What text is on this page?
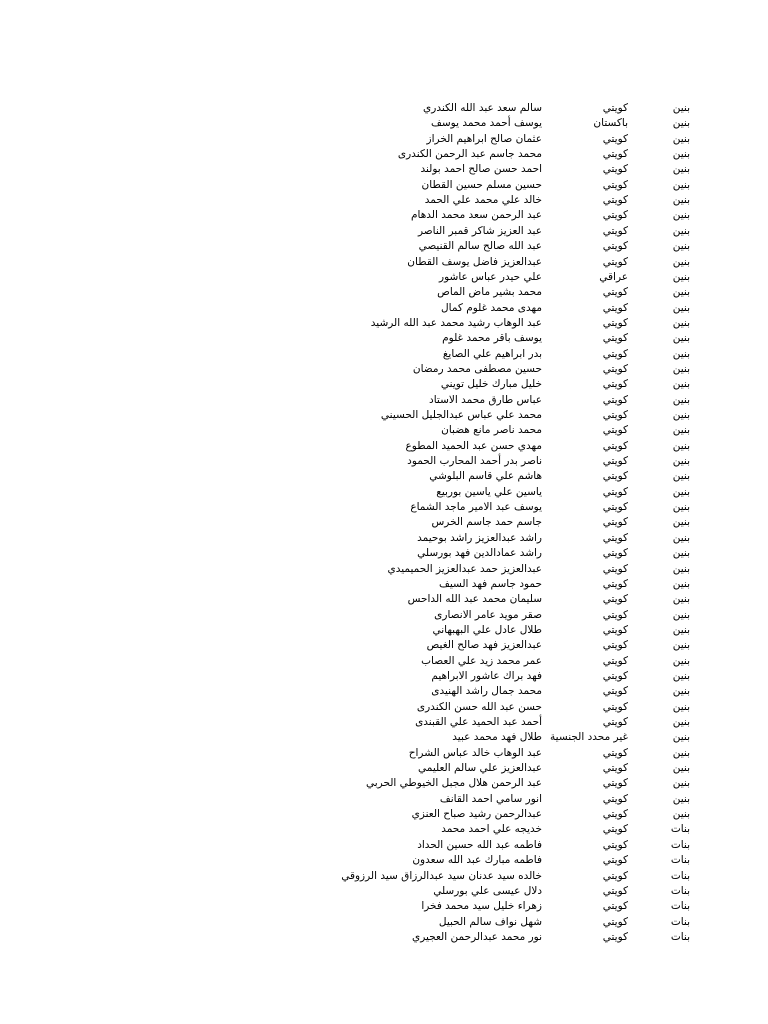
بنين
كويتي
سالم سعد عبد الله الكندري
بنين
باكستان
يوسف أحمد محمد يوسف
بنين
كويتي
عثمان صالح ابراهيم الخراز
بنين
كويتي
محمد جاسم عبد الرحمن الكندرى
بنين
كويتي
احمد حسن صالح احمد بولند
بنين
كويتي
حسين مسلم حسين القطان
بنين
كويتي
خالد علي محمد علي الحمد
بنين
كويتي
عبد الرحمن سعد محمد الدهام
بنين
كويتي
عبد العزيز شاكر قمبر الناصر
بنين
كويتي
عبد الله صالح سالم القنيصي
بنين
كويتي
عبدالعزيز فاضل يوسف القطان
بنين
عراقي
علي حيدر عباس عاشور
بنين
كويتي
محمد بشير ماض الماص
بنين
كويتي
مهدى محمد غلوم كمال
بنين
كويتي
عبد الوهاب رشيد محمد عبد الله الرشيد
بنين
كويتي
يوسف باقر محمد غلوم
بنين
كويتي
بدر ابراهيم علي الصايغ
بنين
كويتي
حسين مصطفى محمد رمضان
بنين
كويتي
خليل مبارك خليل تويني
بنين
كويتي
عباس طارق محمد الاستاد
بنين
كويتي
محمد علي عباس عبدالجليل الحسيني
بنين
كويتي
محمد ناصر مانع هضبان
بنين
كويتي
مهدي حسن عبد الحميد المطوع
بنين
كويتي
ناصر بدر أحمد المحارب الحمود
بنين
كويتي
هاشم علي قاسم البلوشي
بنين
كويتي
ياسين علي ياسين بوربيع
بنين
كويتي
يوسف عبد الامير ماجد الشماع
بنين
كويتي
جاسم حمد جاسم الخرس
بنين
كويتي
راشد عبدالعزيز راشد بوحيمد
بنين
كويتي
راشد عمادالدين فهد بورسلي
بنين
كويتي
عبدالعزيز حمد عبدالعزيز الحميميدي
بنين
كويتي
حمود جاسم فهد السيف
بنين
كويتي
سليمان محمد عبد الله الداحس
بنين
كويتي
صقر مويد عامر الانصارى
بنين
كويتي
طلال عادل علي البهبهاني
بنين
كويتي
عبدالعزيز فهد صالح الغيص
بنين
كويتي
عمر محمد زيد علي العصاب
بنين
كويتي
فهد براك عاشور الابراهيم
بنين
كويتي
محمد جمال راشد الهنيدى
بنين
كويتي
حسن عبد الله حسن الكندرى
بنين
كويتي
أحمد عبد الحميد علي القبندى
بنين
غير محدد الجنسية
طلال فهد محمد عبيد
بنين
كويتي
عبد الوهاب خالد عباس الشراح
بنين
كويتي
عبدالعزيز علي سالم العليمي
بنين
كويتي
عبد الرحمن هلال مجبل الخيوطي الحربي
بنين
كويتي
انور سامي احمد القانف
بنين
كويتي
عبدالرحمن رشيد صباح العنزي
بنات
كويتي
خديجه علي احمد محمد
بنات
كويتي
فاطمه عبد الله حسين الحداد
بنات
كويتي
فاطمه مبارك عبد الله سعدون
بنات
كويتي
خالده سيد عدنان سيد عبدالرزاق سيد الرزوقي
بنات
كويتي
دلال عيسى علي بورسلي
بنات
كويتي
زهراء خليل سيد محمد فخرا
بنات
كويتي
شهل نواف سالم الحبيل
بنات
كويتي
نور محمد عبدالرحمن العجيري
